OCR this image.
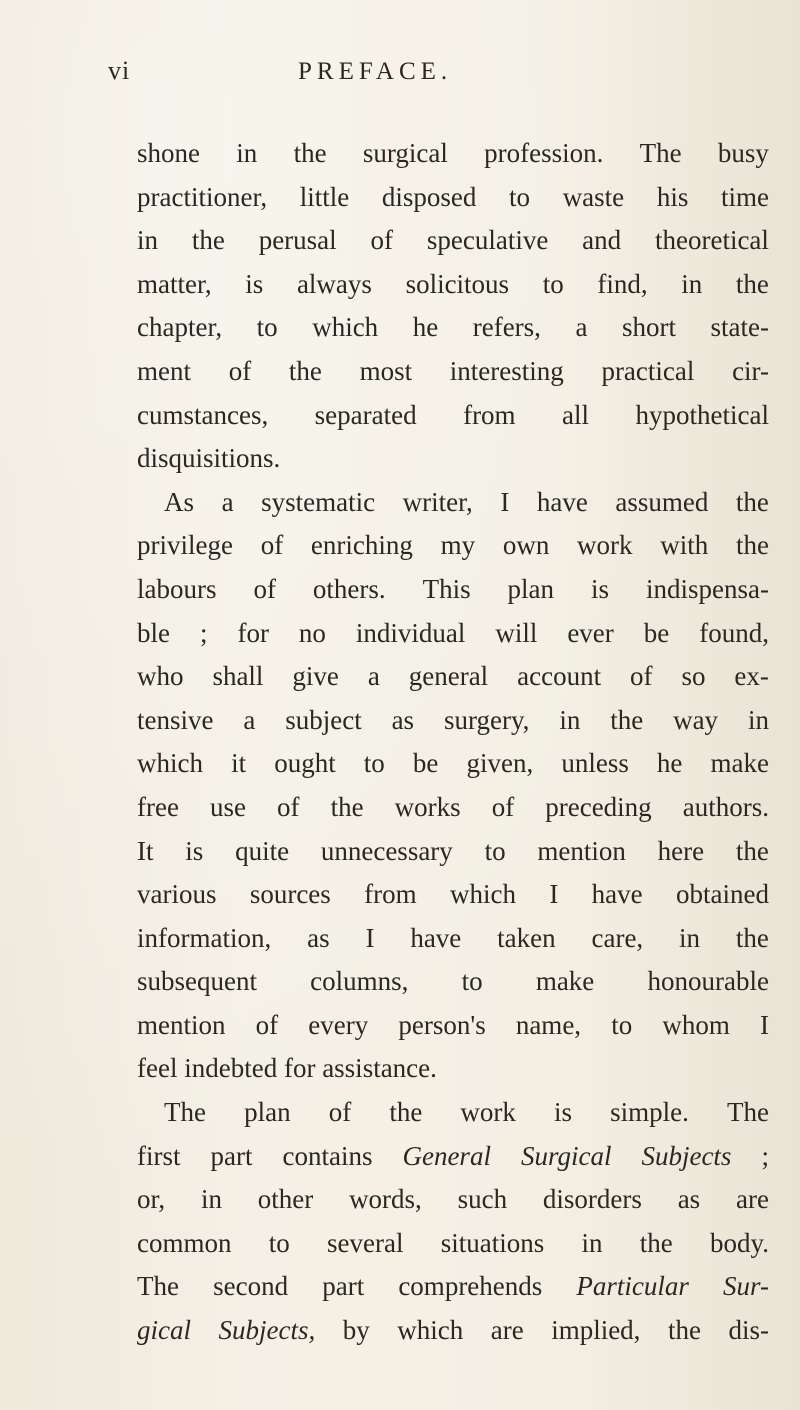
vi	PREFACE.
shone in the surgical profession. The busy
practitioner, little disposed to waste his time
in the perusal of speculative and theoretical
matter, is always solicitous to find, in the
chapter, to which he refers, a short state-
ment of the most interesting practical cir-
cumstances, separated from all hypothetical
disquisitions.
As a systematic writer, I have assumed the
privilege of enriching my own work with the
labours of others. This plan is indispensa-
ble ; for no individual will ever be found,
who shall give a general account of so ex-
tensive a subject as surgery, in the way in
which it ought to be given, unless he make
free use of the works of preceding authors.
It is quite unnecessary to mention here the
various sources from which I have obtained
information, as I have taken care, in the
subsequent columns, to make honourable
mention of every person's name, to whom I
feel indebted for assistance.
The plan of the work is simple. The
first part contains General Surgical Subjects ;
or, in other words, such disorders as are
common to several situations in the body.
The second part comprehends Particular Sur-
gical Subjects, by which are implied, the dis-
